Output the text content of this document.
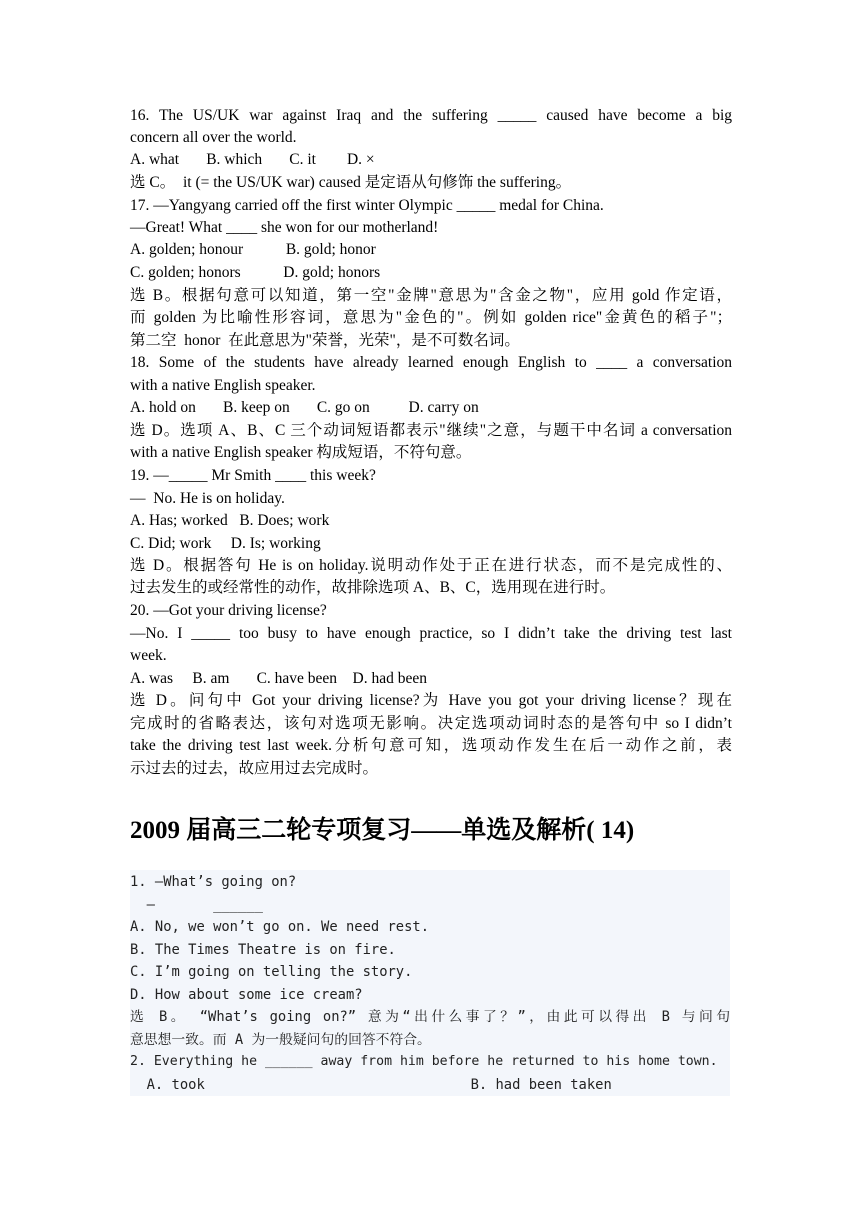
16. The US/UK war against Iraq and the suffering _____ caused have become a big
concern all over the world.
A. what       B. which       C. it        D. ×
选 C。  it (= the US/UK war) caused 是定语从句修饰 the suffering。
17. —Yangyang carried off the first winter Olympic _____ medal for China.
—Great! What ____ she won for our motherland!
A. golden; honour           B. gold; honor
C. golden; honors           D. gold; honors
选 B。根据句意可以知道，第一空"金牌"意思为"含金之物"，应用 gold 作定语，
而 golden 为比喻性形容词，意思为"金色的"。例如 golden rice"金黄色的稻子"；
第二空  honor  在此意思为"荣誉，光荣"，是不可数名词。
18. Some of the students have already learned enough English to ____ a conversation
with a native English speaker.
A. hold on       B. keep on       C. go on          D. carry on
选 D。选项 A、B、C 三个动词短语都表示"继续"之意，与题干中名词 a conversation
with a native English speaker 构成短语，不符句意。
19. —_____ Mr Smith ____ this week?
—  No. He is on holiday.
A. Has; worked   B. Does; work
C. Did; work     D. Is; working
选 D。根据答句 He is on holiday.说明动作处于正在进行状态，而不是完成性的、
过去发生的或经常性的动作，故排除选项 A、B、C，选用现在进行时。
20. —Got your driving license?
—No. I _____ too busy to have enough practice, so I didn’t take the driving test last
week.
A. was     B. am       C. have been    D. had been
选 D。问句中 Got your driving license?为 Have you got your driving license？现在
完成时的省略表达，该句对选项无影响。决定选项动词时态的是答句中 so I didn’t
take the driving test last week.分析句意可知，选项动作发生在后一动作之前，表
示过去的过去，故应用过去完成时。
2009 届高三二轮专项复习——单选及解析( 14)
1. —What’s going on?
—       ______
A. No, we won’t go on. We need rest.
B. The Times Theatre is on fire.
C. I’m going on telling the story.
D. How about some ice cream?
选 B。 “What’s going on?” 意为“出什么事了？”，由此可以得出 B 与问句
意思想一致。而 A 为一般疑问句的回答不符合。
2. Everything he ______ away from him before he returned to his home town.
A. took                                B. had been taken
